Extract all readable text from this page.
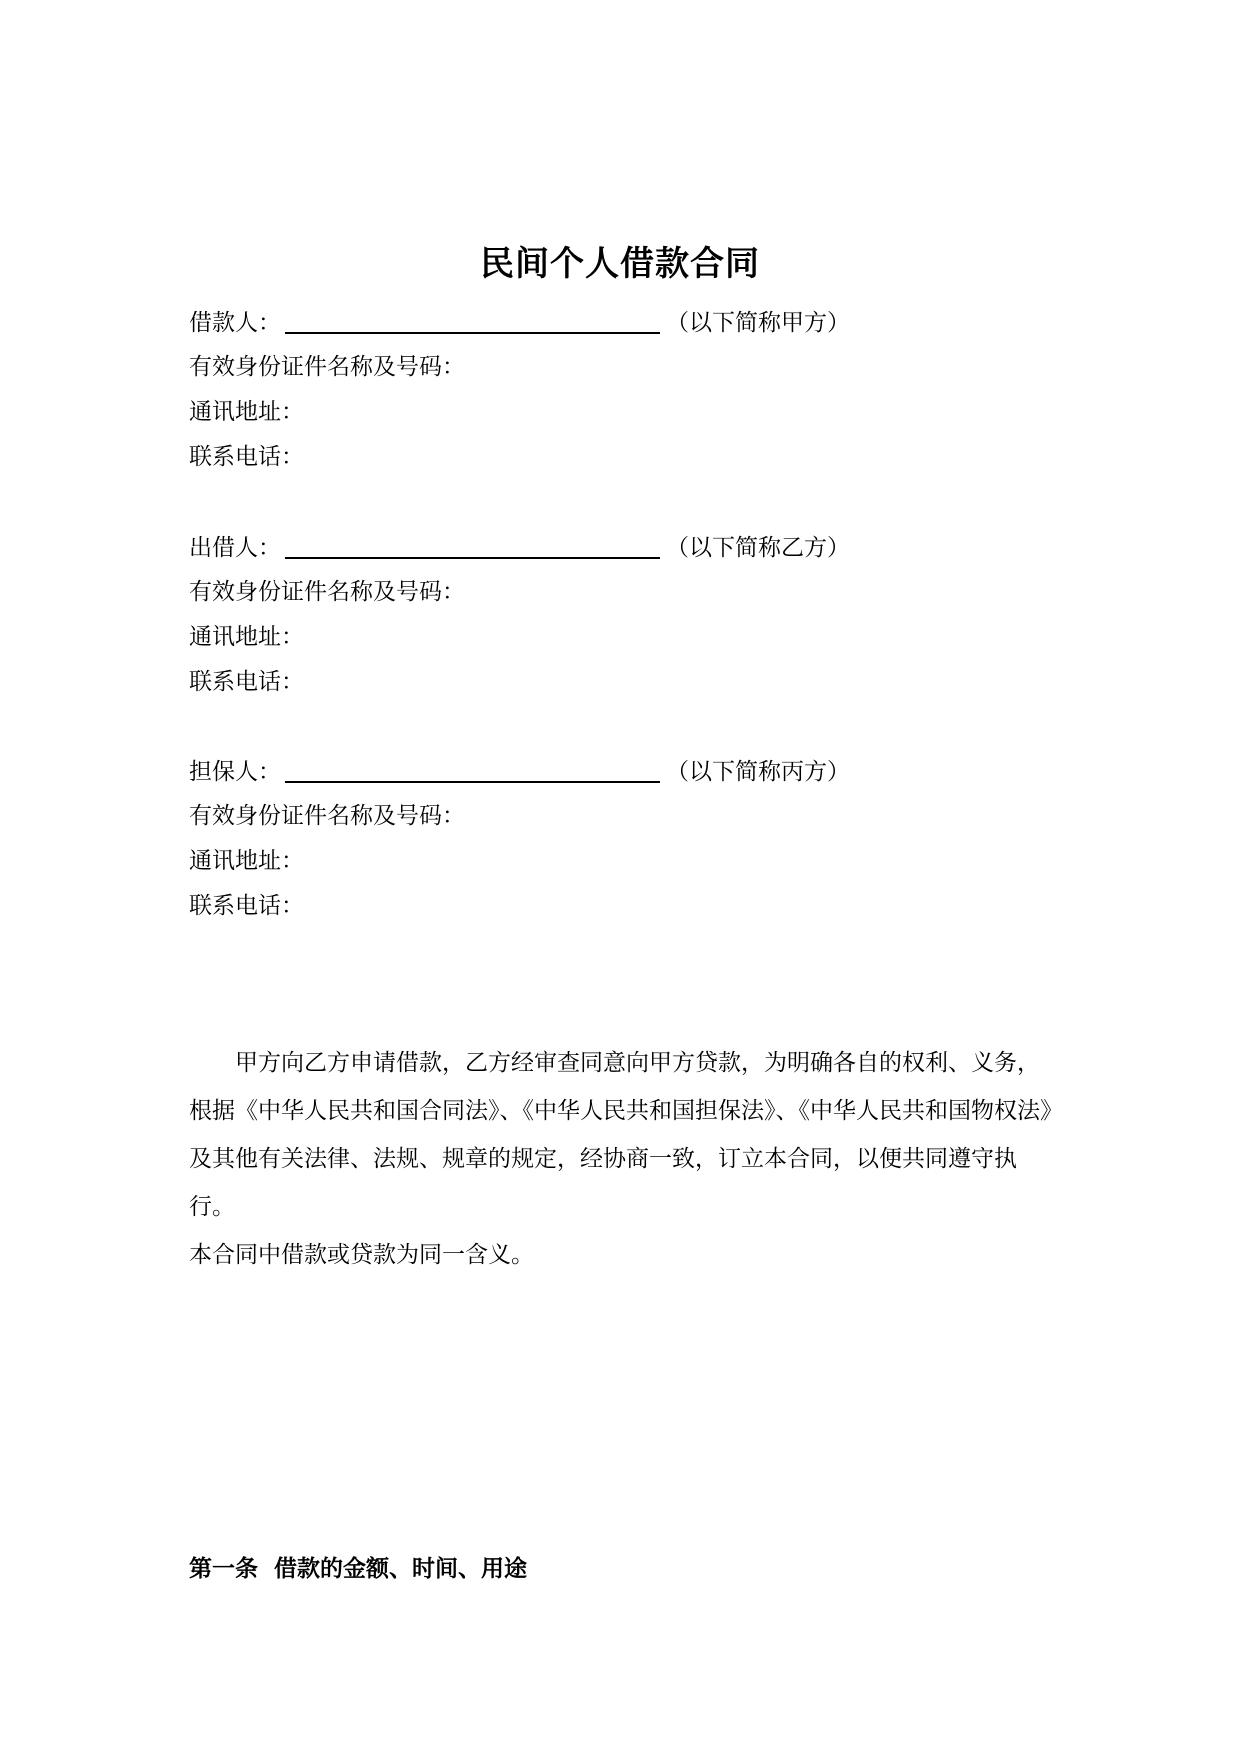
民间个人借款合同
借款人：	（以下简称甲方）
有效身份证件名称及号码：
通讯地址：
联系电话：
出借人：	（以下简称乙方）
有效身份证件名称及号码：
通讯地址：
联系电话：
担保人：	（以下简称丙方）
有效身份证件名称及号码：
通讯地址：
联系电话：

甲方向乙方申请借款，乙方经审查同意向甲方贷款，为明确各自的权利、义务，根据《中华人民共和国合同法》、《中华人民共和国担保法》、《中华人民共和国物权法》及其他有关法律、法规、规章的规定，经协商一致，订立本合同，以便共同遵守执行。

本合同中借款或贷款为同一含义。

第一条  借款的金额、时间、用途
